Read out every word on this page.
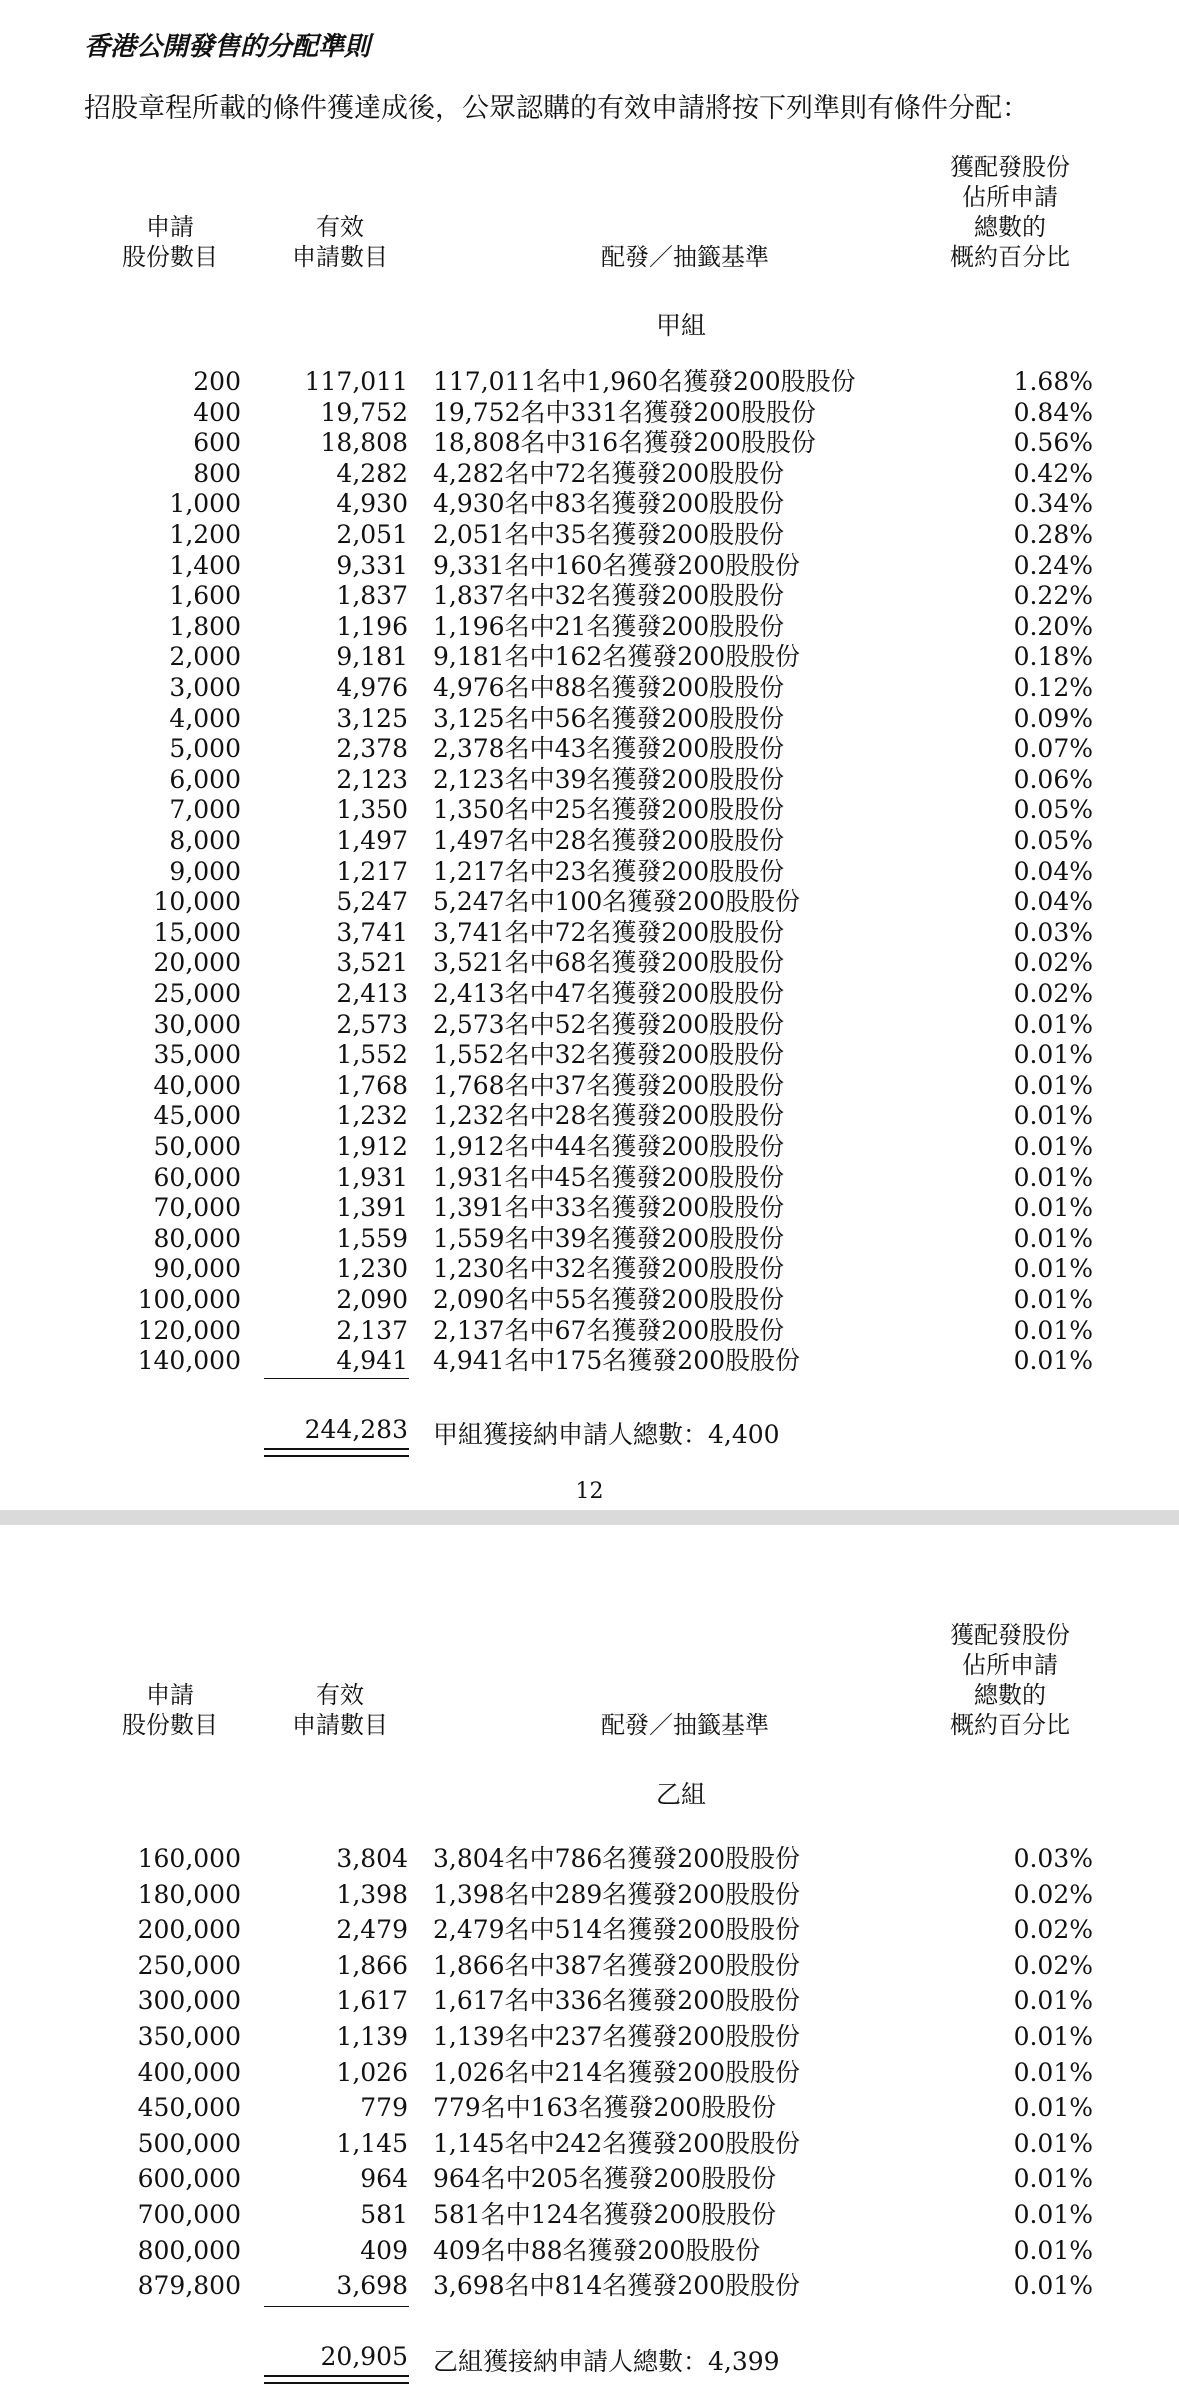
香港公開發售的分配準則
招股章程所載的條件獲達成後，公眾認購的有效申請將按下列準則有條件分配：
申請
股份數目
有效
申請數目	配發／抽籤基準
獲配發股份
佔所申請
總數的
概約百分比
甲組
200	117,011 117,011名中1,960名獲發200股股份	1.68%
400	19,752 19,752名中331名獲發200股股份	0.84%
600	18,808 18,808名中316名獲發200股股份	0.56%
800	4,282 4,282名中72名獲發200股股份	0.42%
1,000	4,930 4,930名中83名獲發200股股份	0.34%
1,200	2,051 2,051名中35名獲發200股股份	0.28%
1,400	9,331 9,331名中160名獲發200股股份	0.24%
1,600	1,837 1,837名中32名獲發200股股份	0.22%
1,800	1,196 1,196名中21名獲發200股股份	0.20%
2,000	9,181 9,181名中162名獲發200股股份	0.18%
3,000	4,976 4,976名中88名獲發200股股份	0.12%
4,000	3,125 3,125名中56名獲發200股股份	0.09%
5,000	2,378 2,378名中43名獲發200股股份	0.07%
6,000	2,123 2,123名中39名獲發200股股份	0.06%
7,000	1,350 1,350名中25名獲發200股股份	0.05%
8,000	1,497 1,497名中28名獲發200股股份	0.05%
9,000	1,217 1,217名中23名獲發200股股份	0.04%
10,000	5,247 5,247名中100名獲發200股股份	0.04%
15,000	3,741 3,741名中72名獲發200股股份	0.03%
20,000	3,521 3,521名中68名獲發200股股份	0.02%
25,000	2,413 2,413名中47名獲發200股股份	0.02%
30,000	2,573 2,573名中52名獲發200股股份	0.01%
35,000	1,552 1,552名中32名獲發200股股份	0.01%
40,000	1,768 1,768名中37名獲發200股股份	0.01%
45,000	1,232 1,232名中28名獲發200股股份	0.01%
50,000	1,912 1,912名中44名獲發200股股份	0.01%
60,000	1,931 1,931名中45名獲發200股股份	0.01%
70,000	1,391 1,391名中33名獲發200股股份	0.01%
80,000	1,559 1,559名中39名獲發200股股份	0.01%
90,000	1,230 1,230名中32名獲發200股股份	0.01%
100,000	2,090 2,090名中55名獲發200股股份	0.01%
120,000	2,137 2,137名中67名獲發200股股份	0.01%
140,000	4,941 4,941名中175名獲發200股股份	0.01%
244,283 甲組獲接納申請人總數：4,400
12
申請
股份數目
有效
申請數目	配發／抽籤基準
獲配發股份
佔所申請
總數的
概約百分比
乙組
160,000	3,804 3,804名中786名獲發200股股份	0.03%
180,000	1,398 1,398名中289名獲發200股股份	0.02%
200,000	2,479 2,479名中514名獲發200股股份	0.02%
250,000	1,866 1,866名中387名獲發200股股份	0.02%
300,000	1,617 1,617名中336名獲發200股股份	0.01%
350,000	1,139 1,139名中237名獲發200股股份	0.01%
400,000	1,026 1,026名中214名獲發200股股份	0.01%
450,000	779 779名中163名獲發200股股份	0.01%
500,000	1,145 1,145名中242名獲發200股股份	0.01%
600,000	964 964名中205名獲發200股股份	0.01%
700,000	581 581名中124名獲發200股股份	0.01%
800,000	409 409名中88名獲發200股股份	0.01%
879,800	3,698 3,698名中814名獲發200股股份	0.01%
20,905 乙組獲接納申請人總數：4,399
